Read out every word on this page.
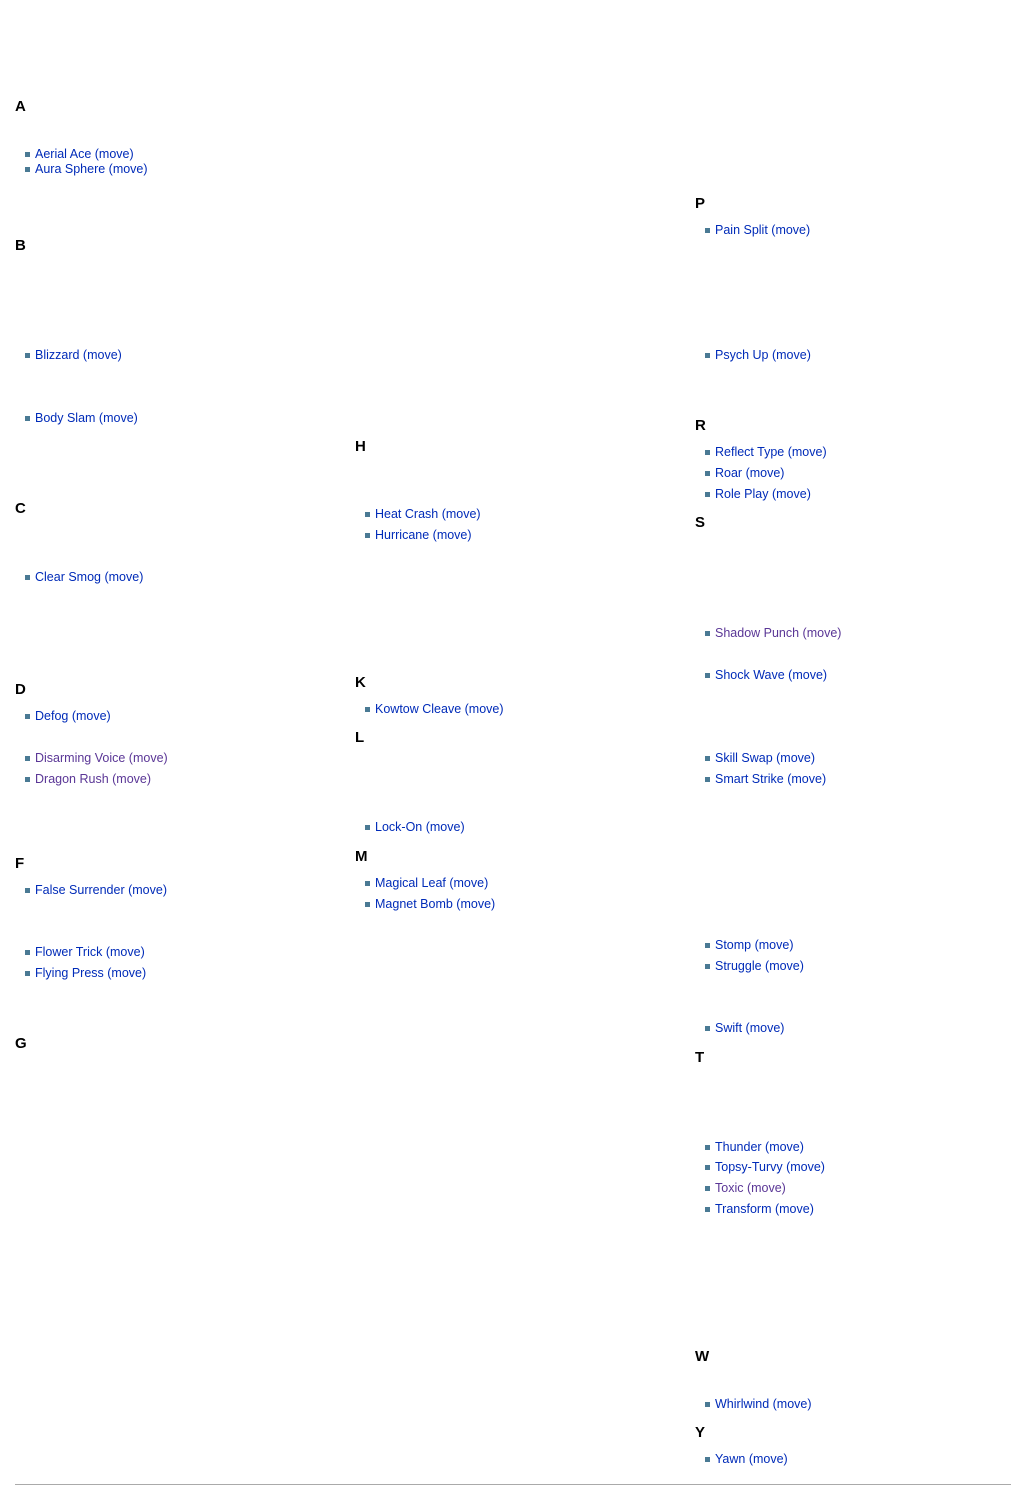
A
Aerial Ace (move)
Aura Sphere (move)
B
Blizzard (move)
Body Slam (move)
C
Clear Smog (move)
D
Defog (move)
Disarming Voice (move)
Dragon Rush (move)
F
False Surrender (move)
Flower Trick (move)
Flying Press (move)
G
H
Heat Crash (move)
Hurricane (move)
K
Kowtow Cleave (move)
L
Lock-On (move)
M
Magical Leaf (move)
Magnet Bomb (move)
P
Pain Split (move)
Psych Up (move)
R
Reflect Type (move)
Roar (move)
Role Play (move)
S
Shadow Punch (move)
Shock Wave (move)
Skill Swap (move)
Smart Strike (move)
Stomp (move)
Struggle (move)
Swift (move)
T
Thunder (move)
Topsy-Turvy (move)
Toxic (move)
Transform (move)
W
Whirlwind (move)
Y
Yawn (move)
